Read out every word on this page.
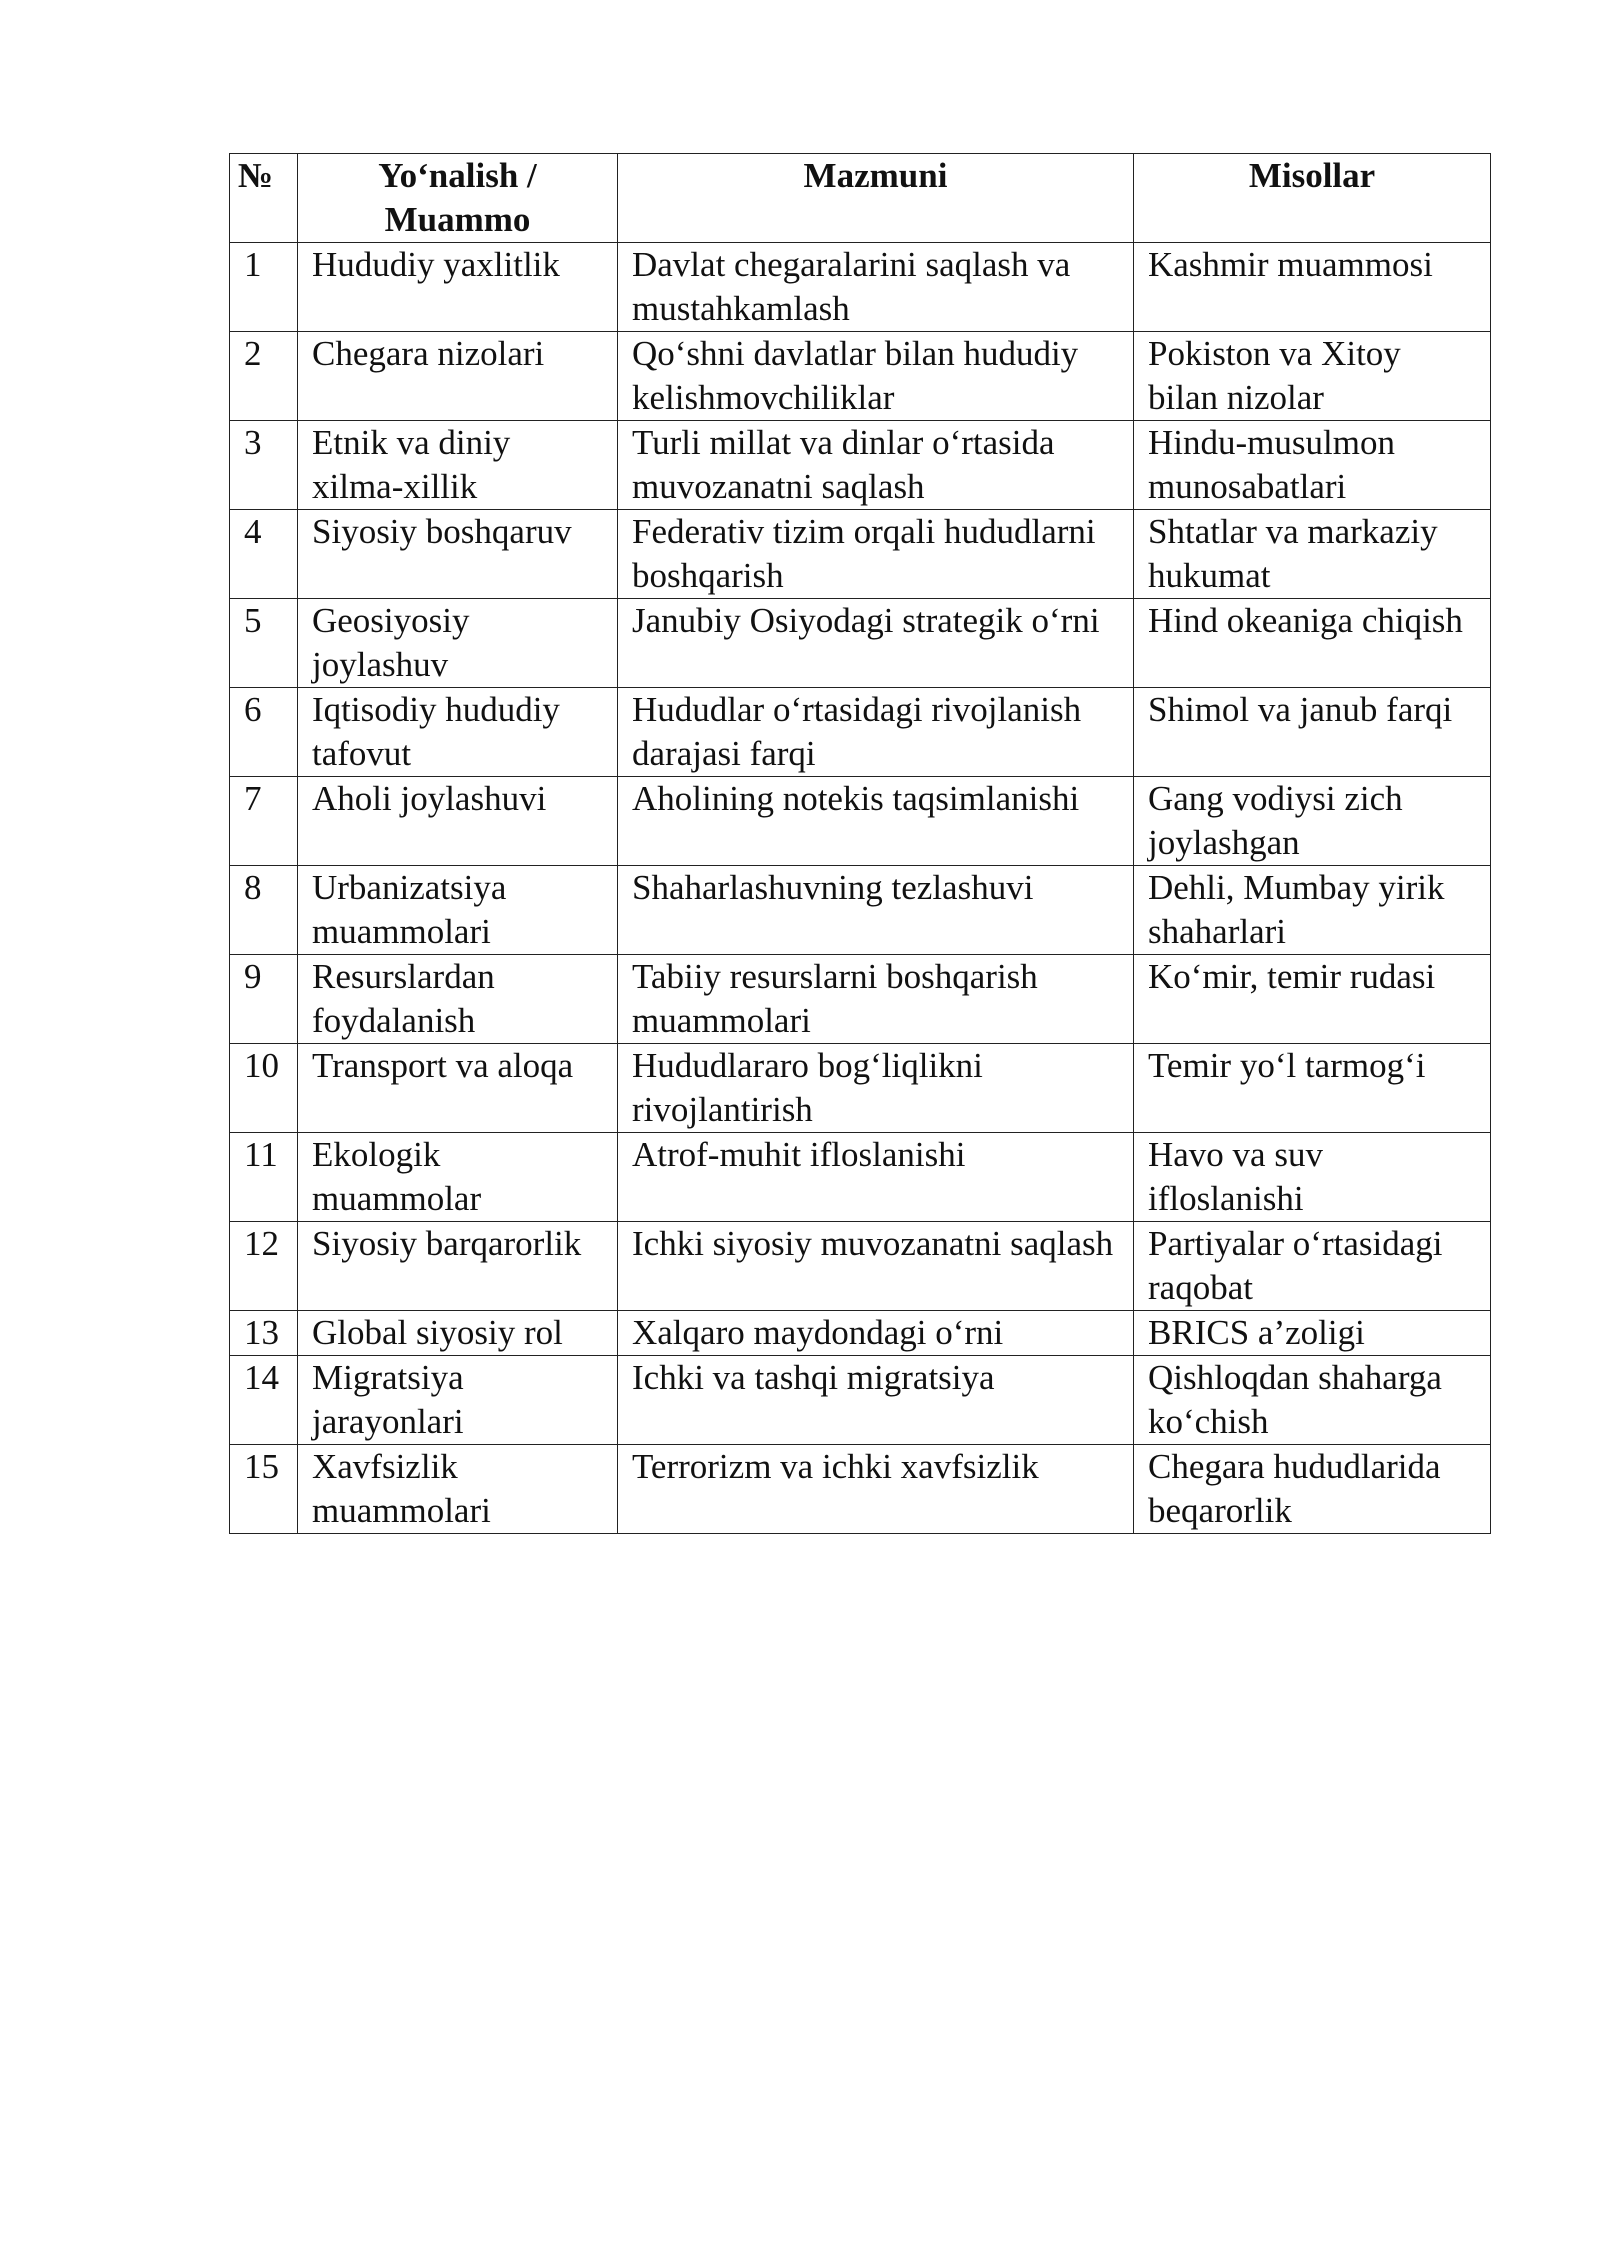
№	Yo‘nalish / Muammo	Mazmuni	Misollar
1	Hududiy yaxlitlik	Davlat chegaralarini saqlash va mustahkamlash	Kashmir muammosi
2	Chegara nizolari	Qo‘shni davlatlar bilan hududiy kelishmovchiliklar	Pokiston va Xitoy bilan nizolar
3	Etnik va diniy xilma-xillik	Turli millat va dinlar o‘rtasida muvozanatni saqlash	Hindu-musulmon munosabatlari
4	Siyosiy boshqaruv	Federativ tizim orqali hududlarni boshqarish	Shtatlar va markaziy hukumat
5	Geosiyosiy joylashuv	Janubiy Osiyodagi strategik o‘rni	Hind okeaniga chiqish
6	Iqtisodiy hududiy tafovut	Hududlar o‘rtasidagi rivojlanish darajasi farqi	Shimol va janub farqi
7	Aholi joylashuvi	Aholining notekis taqsimlanishi	Gang vodiysi zich joylashgan
8	Urbanizatsiya muammolari	Shaharlashuvning tezlashuvi	Dehli, Mumbay yirik shaharlari
9	Resurslardan foydalanish	Tabiiy resurslarni boshqarish muammolari	Ko‘mir, temir rudasi
10	Transport va aloqa	Hududlararo bog‘liqlikni rivojlantirish	Temir yo‘l tarmog‘i
11	Ekologik muammolar	Atrof-muhit ifloslanishi	Havo va suv ifloslanishi
12	Siyosiy barqarorlik	Ichki siyosiy muvozanatni saqlash	Partiyalar o‘rtasidagi raqobat
13	Global siyosiy rol	Xalqaro maydondagi o‘rni	BRICS a’zoligi
14	Migratsiya jarayonlari	Ichki va tashqi migratsiya	Qishloqdan shaharga ko‘chish
15	Xavfsizlik muammolari	Terrorizm va ichki xavfsizlik	Chegara hududlarida beqarorlik
